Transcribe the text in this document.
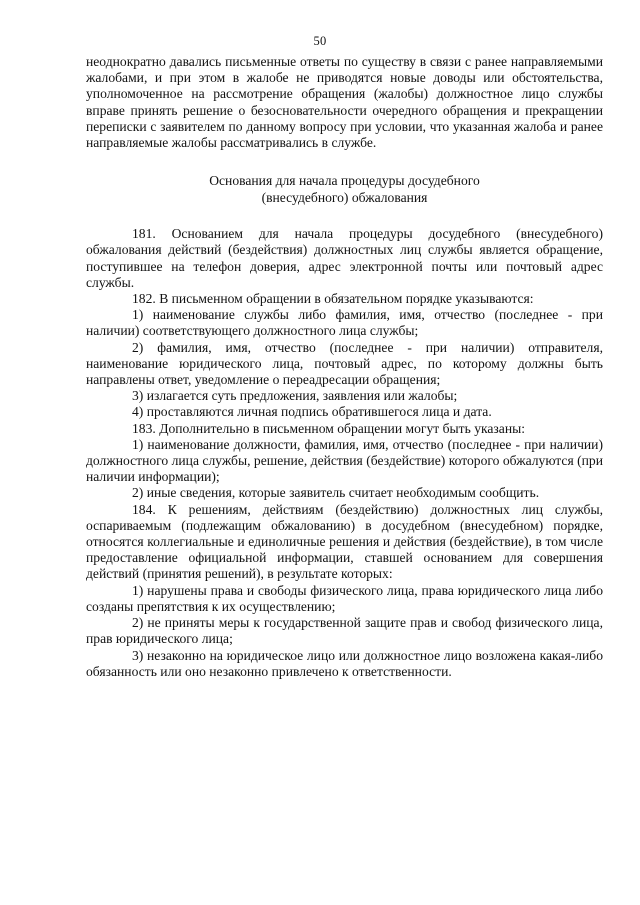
50

неоднократно давались письменные ответы по существу в связи с ранее направляемыми жалобами, и при этом в жалобе не приводятся новые доводы или обстоятельства, уполномоченное на рассмотрение обращения (жалобы) должностное лицо службы вправе принять решение о безосновательности очередного обращения и прекращении переписки с заявителем по данному вопросу при условии, что указанная жалоба и ранее направляемые жалобы рассматривались в службе.

Основания для начала процедуры досудебного
(внесудебного) обжалования

181. Основанием для начала процедуры досудебного (внесудебного) обжалования действий (бездействия) должностных лиц службы является обращение, поступившее на телефон доверия, адрес электронной почты или почтовый адрес службы.

182. В письменном обращении в обязательном порядке указываются:

1) наименование службы либо фамилия, имя, отчество (последнее - при наличии) соответствующего должностного лица службы;

2) фамилия, имя, отчество (последнее - при наличии) отправителя, наименование юридического лица, почтовый адрес, по которому должны быть направлены ответ, уведомление о переадресации обращения;

3) излагается суть предложения, заявления или жалобы;

4) проставляются личная подпись обратившегося лица и дата.

183. Дополнительно в письменном обращении могут быть указаны:

1) наименование должности, фамилия, имя, отчество (последнее - при наличии) должностного лица службы, решение, действия (бездействие) которого обжалуются (при наличии информации);

2) иные сведения, которые заявитель считает необходимым сообщить.

184. К решениям, действиям (бездействию) должностных лиц службы, оспариваемым (подлежащим обжалованию) в досудебном (внесудебном) порядке, относятся коллегиальные и единоличные решения и действия (бездействие), в том числе предоставление официальной информации, ставшей основанием для совершения действий (принятия решений), в результате которых:

1) нарушены права и свободы физического лица, права юридического лица либо созданы препятствия к их осуществлению;

2) не приняты меры к государственной защите прав и свобод физического лица, прав юридического лица;

3) незаконно на юридическое лицо или должностное лицо возложена какая-либо обязанность или оно незаконно привлечено к ответственности.
